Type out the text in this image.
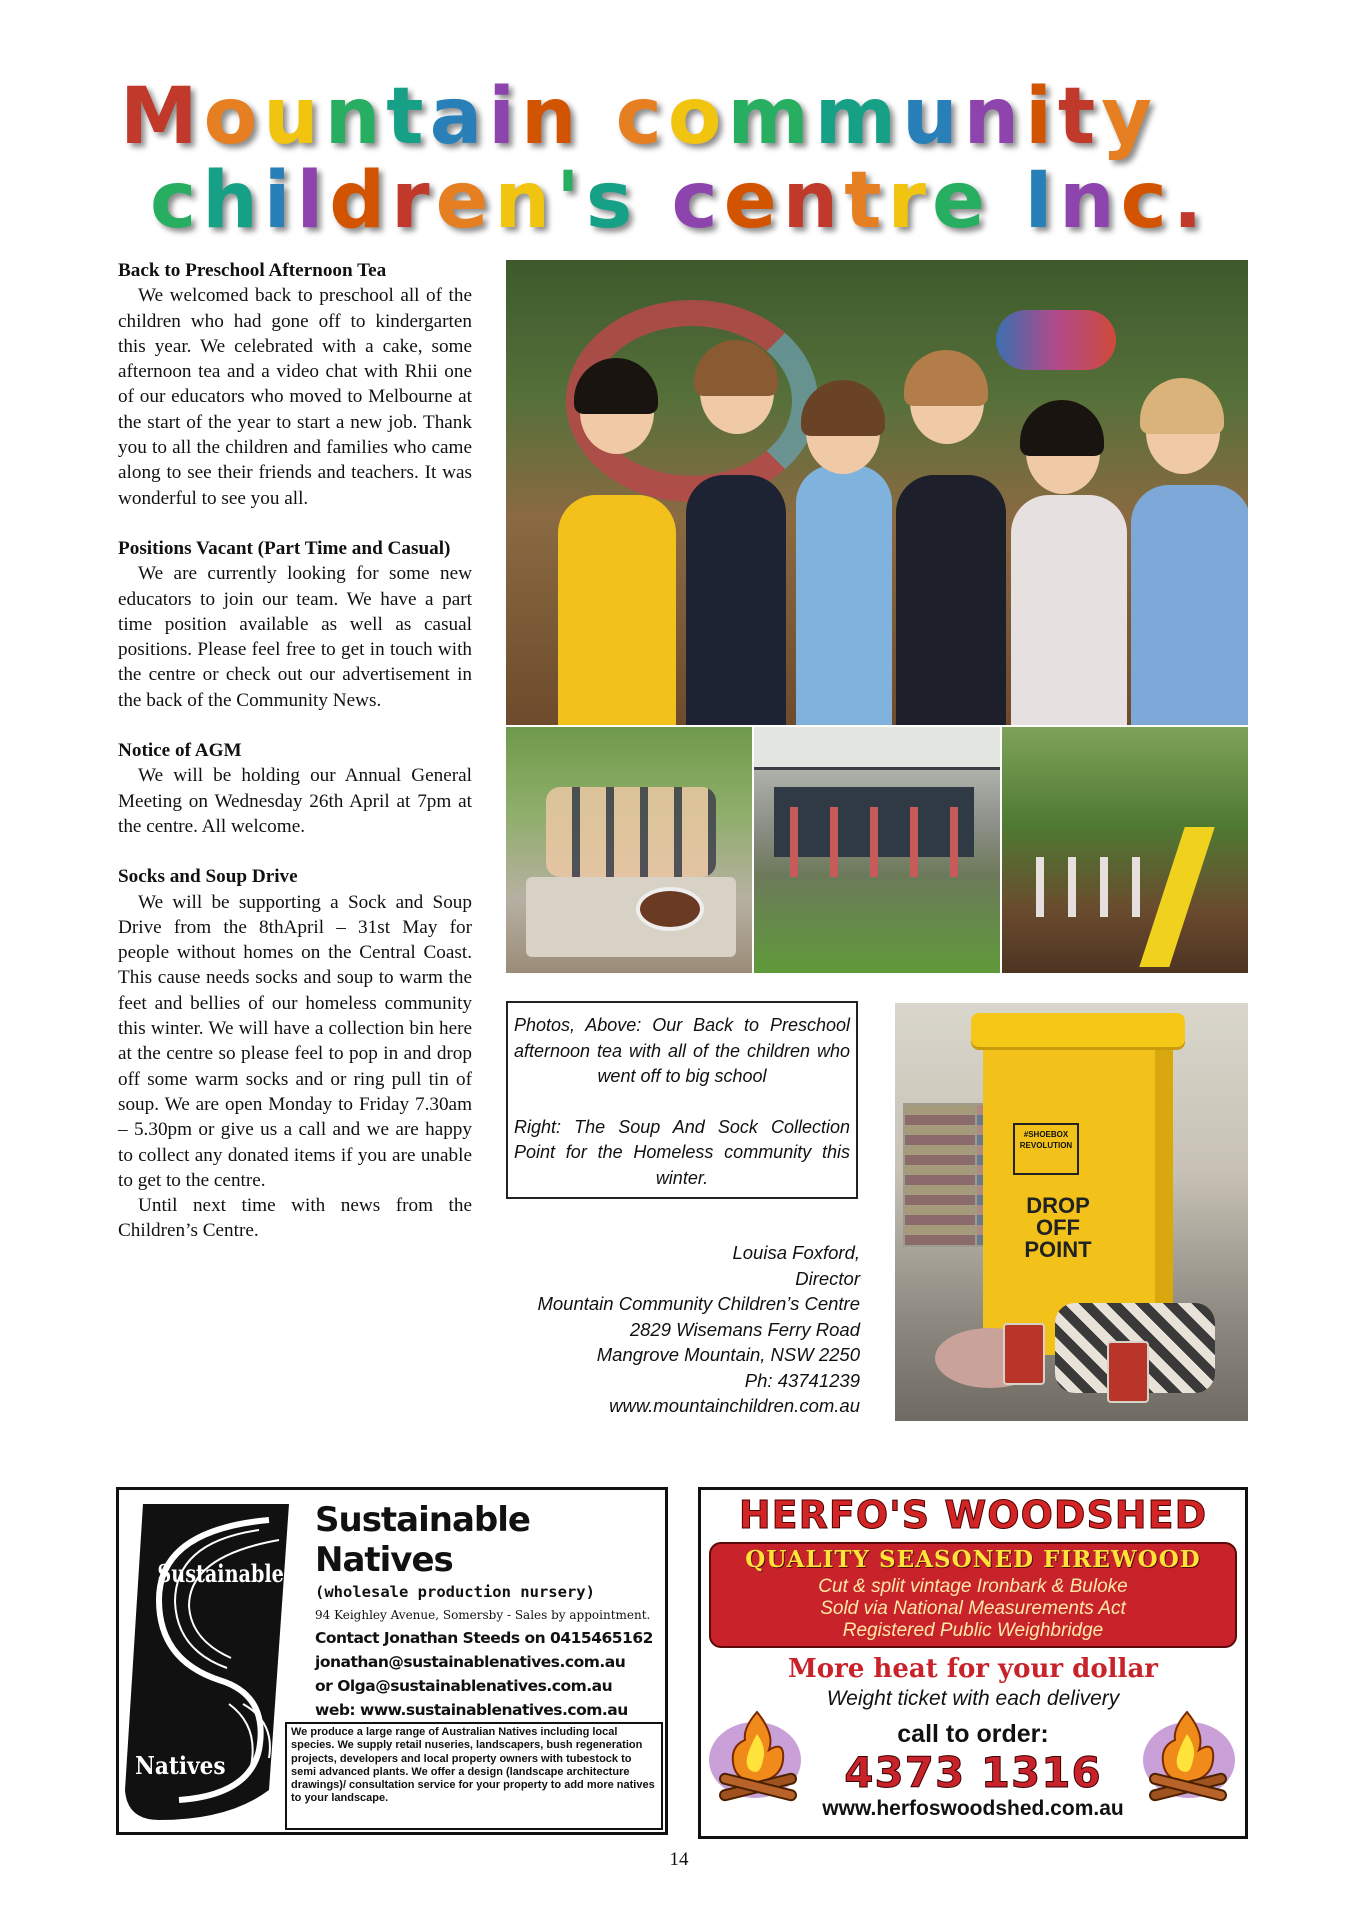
M o u n t a i n
c o m m u n i t y
c h i l d r e n ' s
c e n t r e
I n c .
Back to Preschool Afternoon Tea

We welcomed back to preschool all of the children who had gone off to kindergarten this year. We celebrated with a cake, some afternoon tea and a video chat with Rhii one of our educators who moved to Melbourne at the start of the year to start a new job. Thank you to all the children and families who came along to see their friends and teachers. It was wonderful to see you all.

Positions Vacant (Part Time and Casual)

We are currently looking for some new educators to join our team. We have a part time position available as well as casual positions. Please feel free to get in touch with the centre or check out our advertisement in the back of the Community News.

Notice of AGM

We will be holding our Annual General Meeting on Wednesday 26th April at 7pm at the centre. All welcome.

Socks and Soup Drive

We will be supporting a Sock and Soup Drive from the 8thApril – 31st May for people without homes on the Central Coast. This cause needs socks and soup to warm the feet and bellies of our homeless community this winter. We will have a collection bin here at the centre so please feel to pop in and drop off some warm socks and or ring pull tin of soup. We are open Monday to Friday 7.30am – 5.30pm or give us a call and we are happy to collect any donated items if you are unable to get to the centre.

Until next time with news from the Children’s Centre.

Photos, Above: Our Back to Preschool afternoon tea with all of the children who went off to big school

Right: The Soup And Sock Collection Point for the Homeless community this winter.

Louisa Foxford,
Director
Mountain Community Children’s Centre
2829 Wisemans Ferry Road
Mangrove Mountain, NSW 2250
Ph: 43741239
www.mountainchildren.com.au
#SHOEBOX REVOLUTION
DROP
OFF
POINT
Sustainable
Natives
Sustainable Natives
(wholesale production nursery)
94 Keighley Avenue, Somersby - Sales by appointment.
Contact Jonathan Steeds on 0415465162
jonathan@sustainablenatives.com.au
or Olga@sustainablenatives.com.au
web: www.sustainablenatives.com.au
We produce a large range of Australian Natives including local species. We supply retail nuseries, landscapers, bush regeneration projects, developers and local property owners with tubestock to semi advanced plants. We offer a design (landscape architecture drawings)/ consultation service for your property to add more natives to your landscape.
HERFO'S WOODSHED
QUALITY SEASONED FIREWOOD
Cut & split vintage Ironbark & Buloke
Sold via National Measurements Act
Registered Public Weighbridge
More heat for your dollar
Weight ticket with each delivery
call to order:
4373 1316
www.herfoswoodshed.com.au
14
